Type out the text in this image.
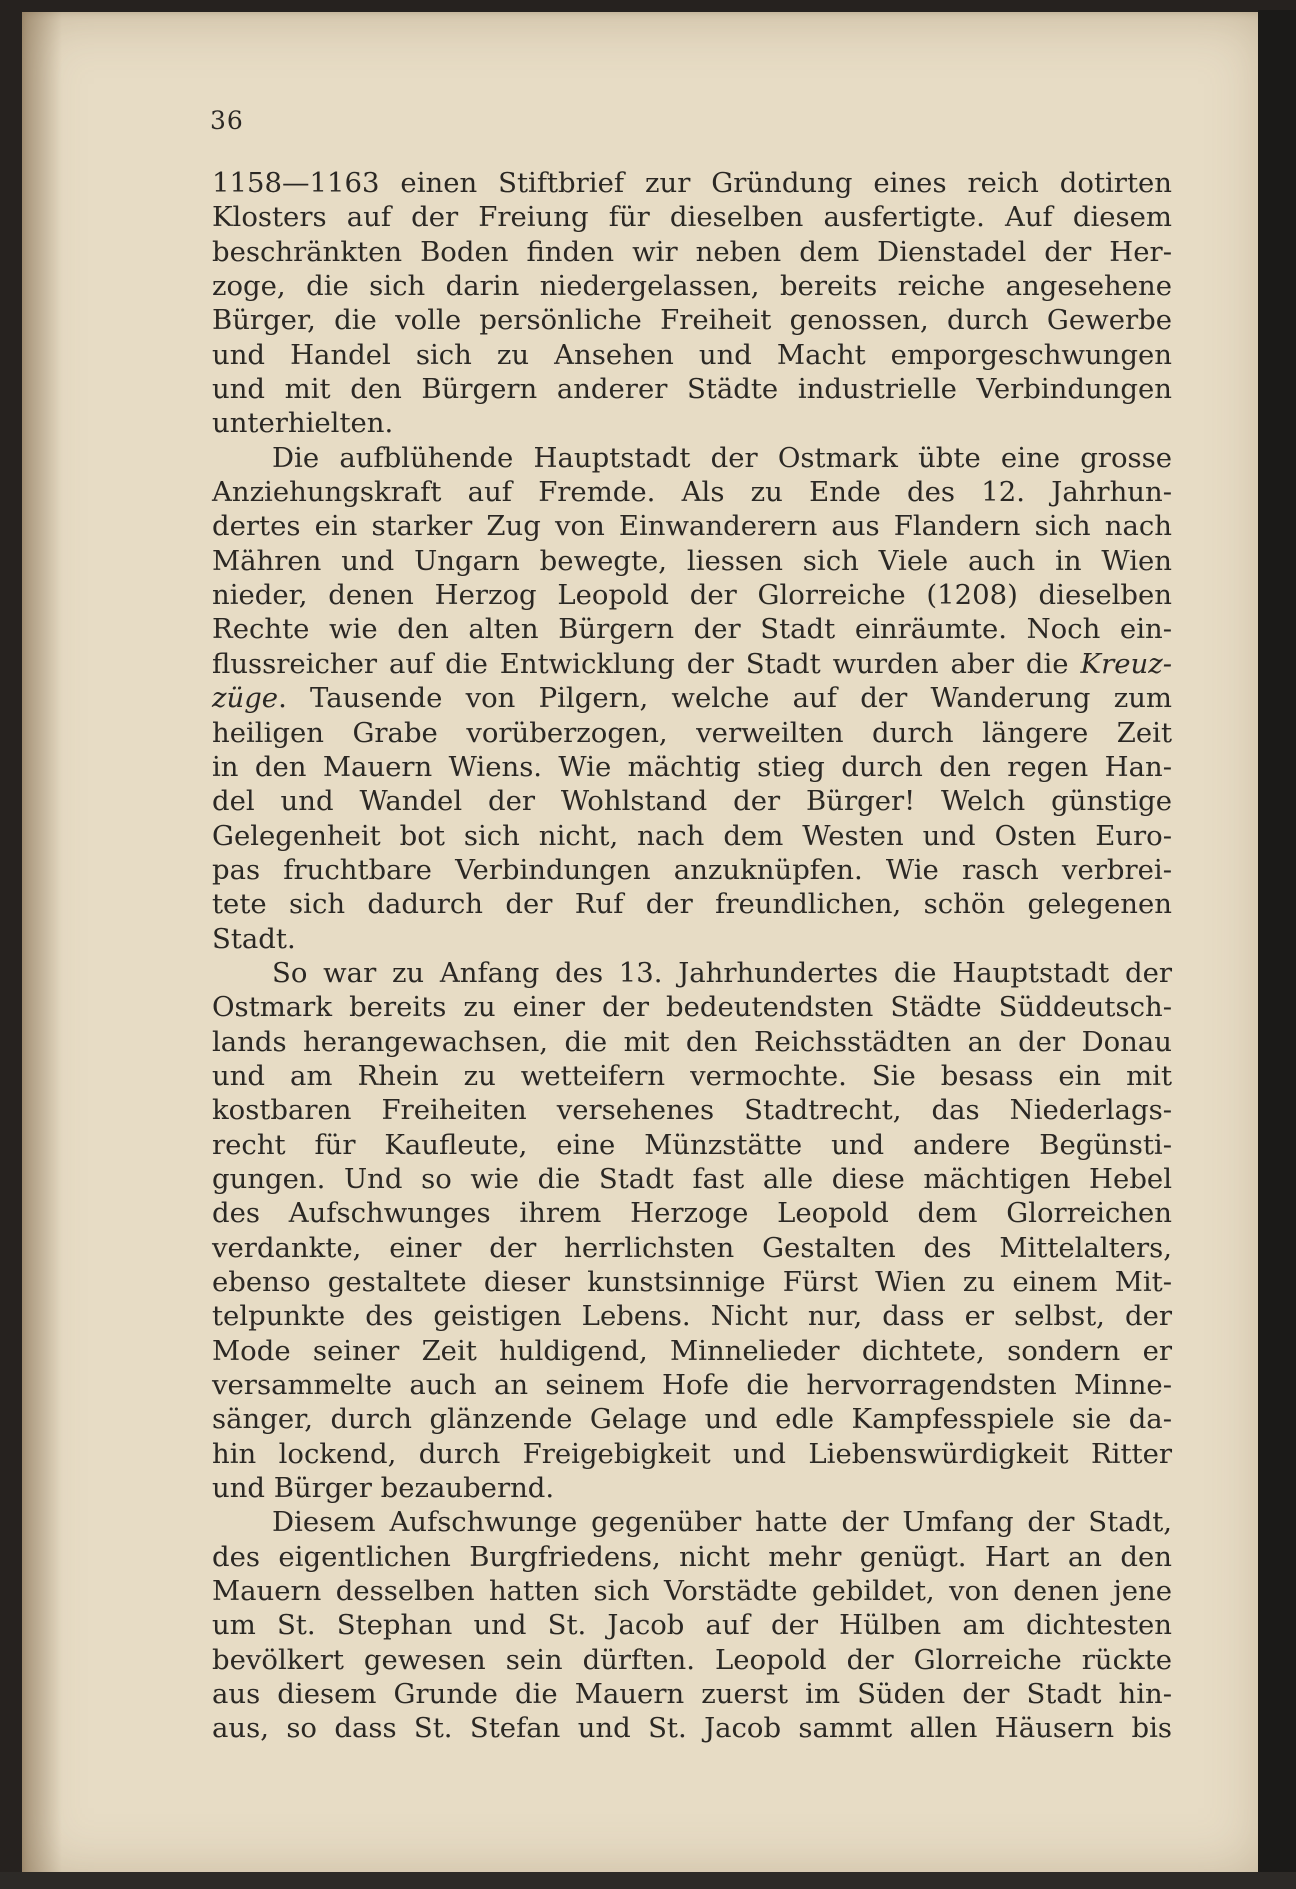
36
1158—1163 einen Stiftbrief zur Gründung eines reich dotirten
Klosters auf der Freiung für dieselben ausfertigte. Auf diesem
beschränkten Boden finden wir neben dem Dienstadel der Her-
zoge, die sich darin niedergelassen, bereits reiche angesehene
Bürger, die volle persönliche Freiheit genossen, durch Gewerbe
und Handel sich zu Ansehen und Macht emporgeschwungen
und mit den Bürgern anderer Städte industrielle Verbindungen
unterhielten.
Die aufblühende Hauptstadt der Ostmark übte eine grosse
Anziehungskraft auf Fremde. Als zu Ende des 12. Jahrhun-
dertes ein starker Zug von Einwanderern aus Flandern sich nach
Mähren und Ungarn bewegte, liessen sich Viele auch in Wien
nieder, denen Herzog Leopold der Glorreiche (1208) dieselben
Rechte wie den alten Bürgern der Stadt einräumte. Noch ein-
flussreicher auf die Entwicklung der Stadt wurden aber die Kreuz-
züge. Tausende von Pilgern, welche auf der Wanderung zum
heiligen Grabe vorüberzogen, verweilten durch längere Zeit
in den Mauern Wiens. Wie mächtig stieg durch den regen Han-
del und Wandel der Wohlstand der Bürger! Welch günstige
Gelegenheit bot sich nicht, nach dem Westen und Osten Euro-
pas fruchtbare Verbindungen anzuknüpfen. Wie rasch verbrei-
tete sich dadurch der Ruf der freundlichen, schön gelegenen
Stadt.
So war zu Anfang des 13. Jahrhundertes die Hauptstadt der
Ostmark bereits zu einer der bedeutendsten Städte Süddeutsch-
lands herangewachsen, die mit den Reichsstädten an der Donau
und am Rhein zu wetteifern vermochte. Sie besass ein mit
kostbaren Freiheiten versehenes Stadtrecht, das Niederlags-
recht für Kaufleute, eine Münzstätte und andere Begünsti-
gungen. Und so wie die Stadt fast alle diese mächtigen Hebel
des Aufschwunges ihrem Herzoge Leopold dem Glorreichen
verdankte, einer der herrlichsten Gestalten des Mittelalters,
ebenso gestaltete dieser kunstsinnige Fürst Wien zu einem Mit-
telpunkte des geistigen Lebens. Nicht nur, dass er selbst, der
Mode seiner Zeit huldigend, Minnelieder dichtete, sondern er
versammelte auch an seinem Hofe die hervorragendsten Minne-
sänger, durch glänzende Gelage und edle Kampfesspiele sie da-
hin lockend, durch Freigebigkeit und Liebenswürdigkeit Ritter
und Bürger bezaubernd.
Diesem Aufschwunge gegenüber hatte der Umfang der Stadt,
des eigentlichen Burgfriedens, nicht mehr genügt. Hart an den
Mauern desselben hatten sich Vorstädte gebildet, von denen jene
um St. Stephan und St. Jacob auf der Hülben am dichtesten
bevölkert gewesen sein dürften. Leopold der Glorreiche rückte
aus diesem Grunde die Mauern zuerst im Süden der Stadt hin-
aus, so dass St. Stefan und St. Jacob sammt allen Häusern bis
